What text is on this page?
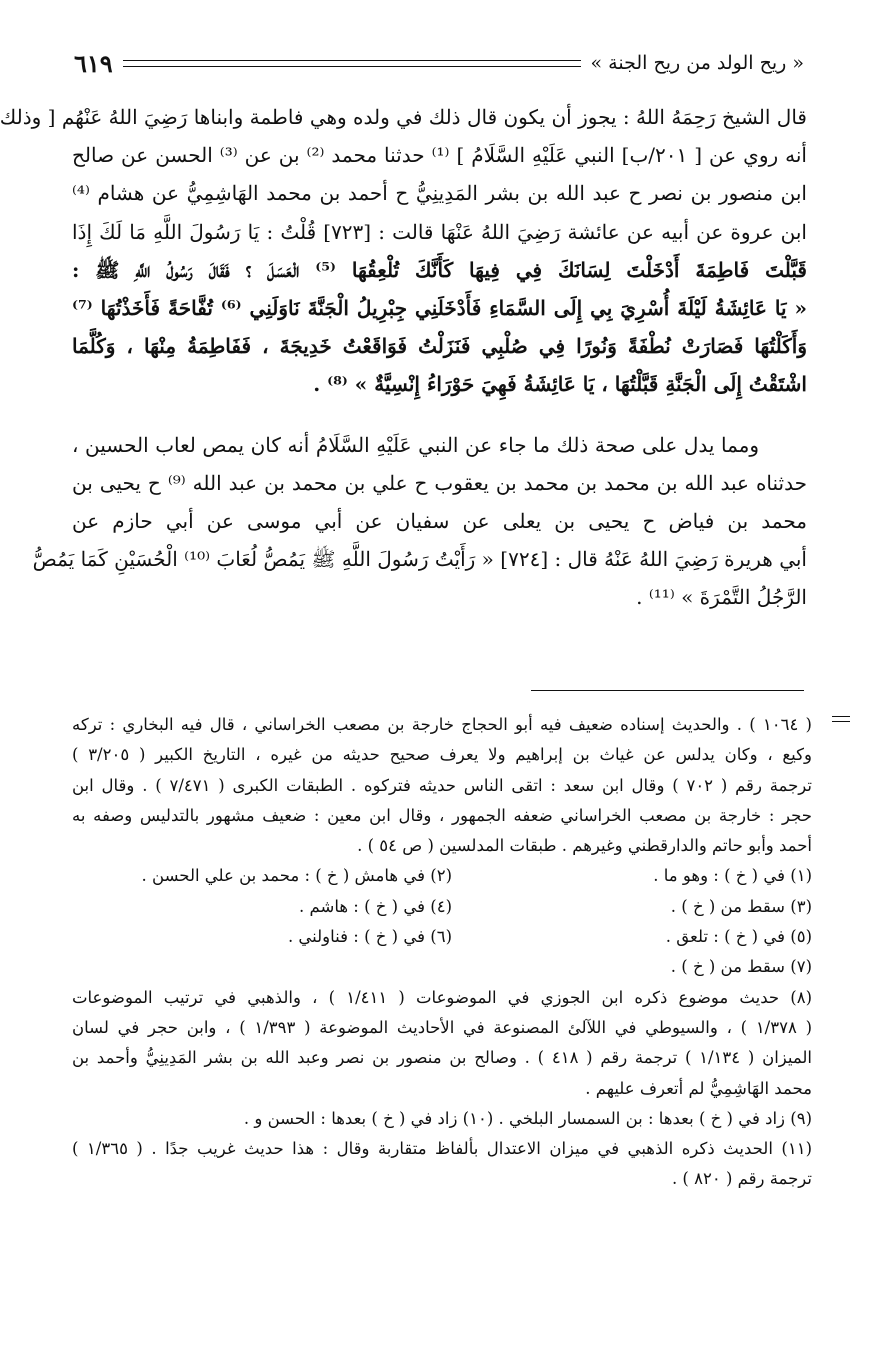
« ريح الولد من ريح الجنة »
٦١٩
قال الشيخ رَحِمَهُ اللهُ : يجوز أن يكون قال ذلك في ولده وهي فاطمة وابناها رَضِيَ اللهُ عَنْهُم [ وذلك
أنه روي عن [ ٢٠١/ب] النبي عَلَيْهِ السَّلَامُ ] ⁽¹⁾ حدثنا محمد ⁽²⁾ بن عن ⁽³⁾ الحسن عن صالح
ابن منصور بن نصر ح عبد الله بن بشر المَدِينِيُّ ح أحمد بن محمد الهَاشِمِيُّ عن هشام ⁽⁴⁾
ابن عروة عن أبيه عن عائشة رَضِيَ اللهُ عَنْهَا قالت : [٧٢٣] قُلْتُ : يَا رَسُولَ اللَّهِ مَا لَكَ إِذَا
قَبَّلْتَ فَاطِمَةَ أَدْخَلْتَ لِسَانَكَ فِي فِيهَا كَأَنَّكَ تُلْعِقُهَا ⁽⁵⁾ الْعَسَلَ ؟ فَقَالَ رَسُولُ اللَّهِ ﷺ :
« يَا عَائِشَةُ لَيْلَةَ أُسْرِيَ بِي إِلَى السَّمَاءِ فَأَدْخَلَنِي جِبْرِيلُ الْجَنَّةَ نَاوَلَنِي ⁽⁶⁾ تُفَّاحَةً فَأَخَذْتُهَا ⁽⁷⁾
وَأَكَلْتُهَا فَصَارَتْ نُطْفَةً وَنُورًا فِي صُلْبِي فَنَزَلْتُ فَوَاقَعْتُ خَدِيجَةَ ، فَفَاطِمَةُ مِنْهَا ، وَكُلَّمَا
اشْتَقْتُ إِلَى الْجَنَّةِ قَبَّلْتُهَا ، يَا عَائِشَةُ فَهِيَ حَوْرَاءُ إِنْسِيَّةٌ » ⁽⁸⁾ .
ومما يدل على صحة ذلك ما جاء عن النبي عَلَيْهِ السَّلَامُ أنه كان يمص لعاب الحسين ،
حدثناه عبد الله بن محمد بن محمد بن يعقوب ح علي بن محمد بن عبد الله ⁽⁹⁾ ح يحيى بن
محمد بن فياض ح يحيى بن يعلى عن سفيان عن أبي موسى عن أبي حازم عن
أبي هريرة رَضِيَ اللهُ عَنْهُ قال : [٧٢٤] « رَأَيْتُ رَسُولَ اللَّهِ ﷺ يَمُصُّ لُعَابَ ⁽¹⁰⁾ الْحُسَيْنِ كَمَا يَمُصُّ
الرَّجُلُ التَّمْرَةَ » ⁽¹¹⁾ .
( ١٠٦٤ ) . والحديث إسناده ضعيف فيه أبو الحجاج خارجة بن مصعب الخراساني ، قال فيه البخاري : تركه
وكيع ، وكان يدلس عن غياث بن إبراهيم ولا يعرف صحيح حديثه من غيره ، التاريخ الكبير ( ٣/٢٠٥ )
ترجمة رقم ( ٧٠٢ ) وقال ابن سعد : اتقى الناس حديثه فتركوه . الطبقات الكبرى ( ٧/٤٧١ ) . وقال ابن
حجر : خارجة بن مصعب الخراساني ضعفه الجمهور ، وقال ابن معين : ضعيف مشهور بالتدليس وصفه به
أحمد وأبو حاتم والدارقطني وغيرهم . طبقات المدلسين ( ص ٥٤ ) .
(١) في ( خ ) : وهو ما .
(٢) في هامش ( خ ) : محمد بن علي الحسن .
(٣) سقط من ( خ ) .
(٤) في ( خ ) : هاشم .
(٥) في ( خ ) : تلعق .
(٦) في ( خ ) : فناولني .
(٧) سقط من ( خ ) .
(٨) حديث موضوع ذكره ابن الجوزي في الموضوعات ( ١/٤١١ ) ، والذهبي في ترتيب الموضوعات
( ١/٣٧٨ ) ، والسيوطي في اللآلئ المصنوعة في الأحاديث الموضوعة ( ١/٣٩٣ ) ، وابن حجر في لسان
الميزان ( ١/١٣٤ ) ترجمة رقم ( ٤١٨ ) . وصالح بن منصور بن نصر وعبد الله بن بشر المَدِينِيُّ وأحمد بن
محمد الهَاشِمِيُّ لم أتعرف عليهم .
(٩) زاد في ( خ ) بعدها : بن السمسار البلخي . (١٠) زاد في ( خ ) بعدها : الحسن و .
(١١) الحديث ذكره الذهبي في ميزان الاعتدال بألفاظ متقاربة وقال : هذا حديث غريب جدًا . ( ١/٣٦٥ )
ترجمة رقم ( ٨٢٠ ) .
